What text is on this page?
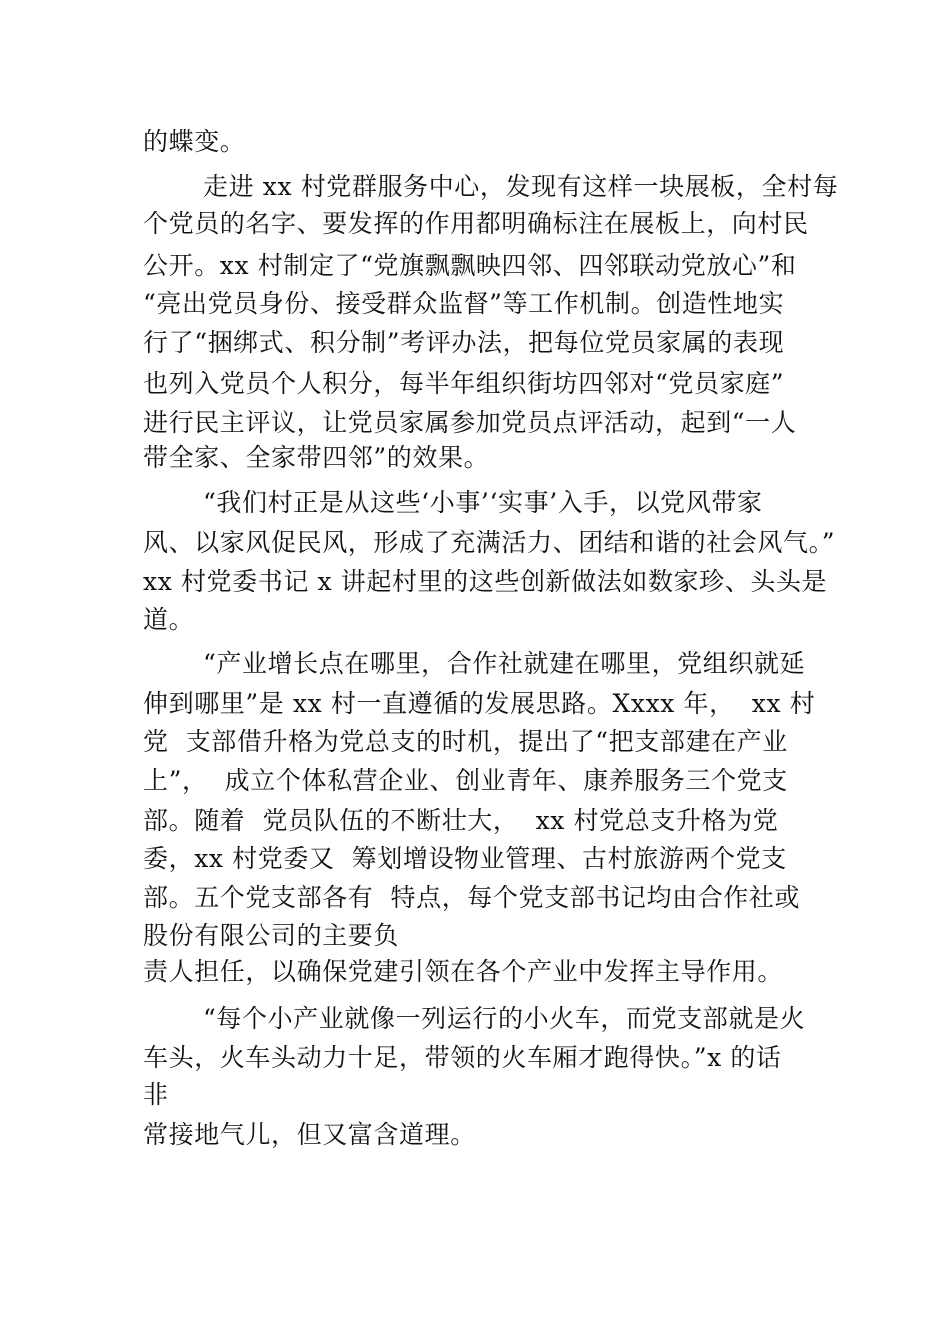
的蝶变。
走进 xx 村党群服务中心，发现有这样一块展板，全村每
个党员的名字、要发挥的作用都明确标注在展板上，向村民
公开。xx 村制定了“党旗飘飘映四邻、四邻联动党放心”和
“亮出党员身份、接受群众监督”等工作机制。创造性地实
行了“捆绑式、积分制”考评办法，把每位党员家属的表现
也列入党员个人积分，每半年组织街坊四邻对“党员家庭”
进行民主评议，让党员家属参加党员点评活动，起到“一人
带全家、全家带四邻”的效果。
“我们村正是从这些‘小事’‘实事’入手，以党风带家
风、以家风促民风，形成了充满活力、团结和谐的社会风气。”
xx 村党委书记 x 讲起村里的这些创新做法如数家珍、头头是
道。
“产业增长点在哪里，合作社就建在哪里，党组织就延
伸到哪里”是 xx 村一直遵循的发展思路。Xxxx 年，  xx 村
党  支部借升格为党总支的时机，提出了“把支部建在产业
上”，  成立个体私营企业、创业青年、康养服务三个党支
部。随着  党员队伍的不断壮大，  xx 村党总支升格为党
委，xx 村党委又  筹划增设物业管理、古村旅游两个党支
部。五个党支部各有  特点，每个党支部书记均由合作社或
股份有限公司的主要负
责人担任，以确保党建引领在各个产业中发挥主导作用。
“每个小产业就像一列运行的小火车，而党支部就是火
车头，火车头动力十足，带领的火车厢才跑得快。”x 的话
非
常接地气儿，但又富含道理。
